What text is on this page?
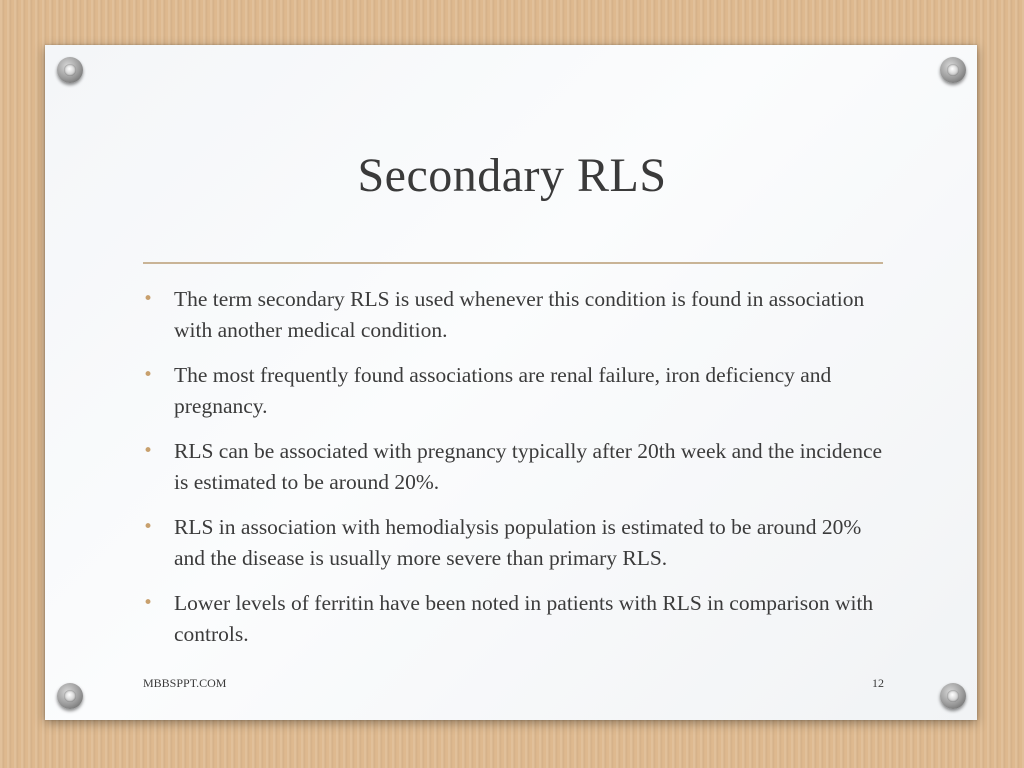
Secondary RLS
• The term secondary RLS is used whenever this condition is found in association with another medical condition.
• The most frequently found associations are renal failure, iron deficiency and pregnancy.
• RLS can be associated with pregnancy typically after 20th week and the incidence is estimated to be around 20%.
• RLS in association with hemodialysis population is estimated to be around 20% and the disease is usually more severe than primary RLS.
• Lower levels of ferritin have been noted in patients with RLS in comparison with controls.
MBBSPPT.COM	12
